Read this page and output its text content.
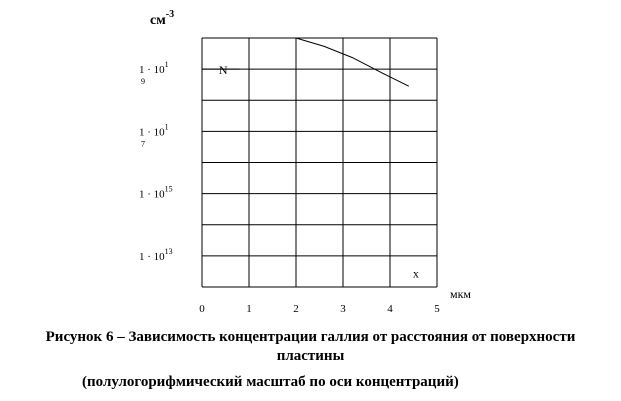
$1 \cdot 10^{13}$
$1 \cdot 10^{15}$
$1 \cdot 10^1$
7
$1 \cdot 10^1$
9
0	1	2	3	4	5
N
x
$см^{-3}$
мкм
Рисунок 6 – Зависимость концентрации галлия от расстояния от поверхности
пластины
(полулогорифмический масштаб по оси концентраций)
